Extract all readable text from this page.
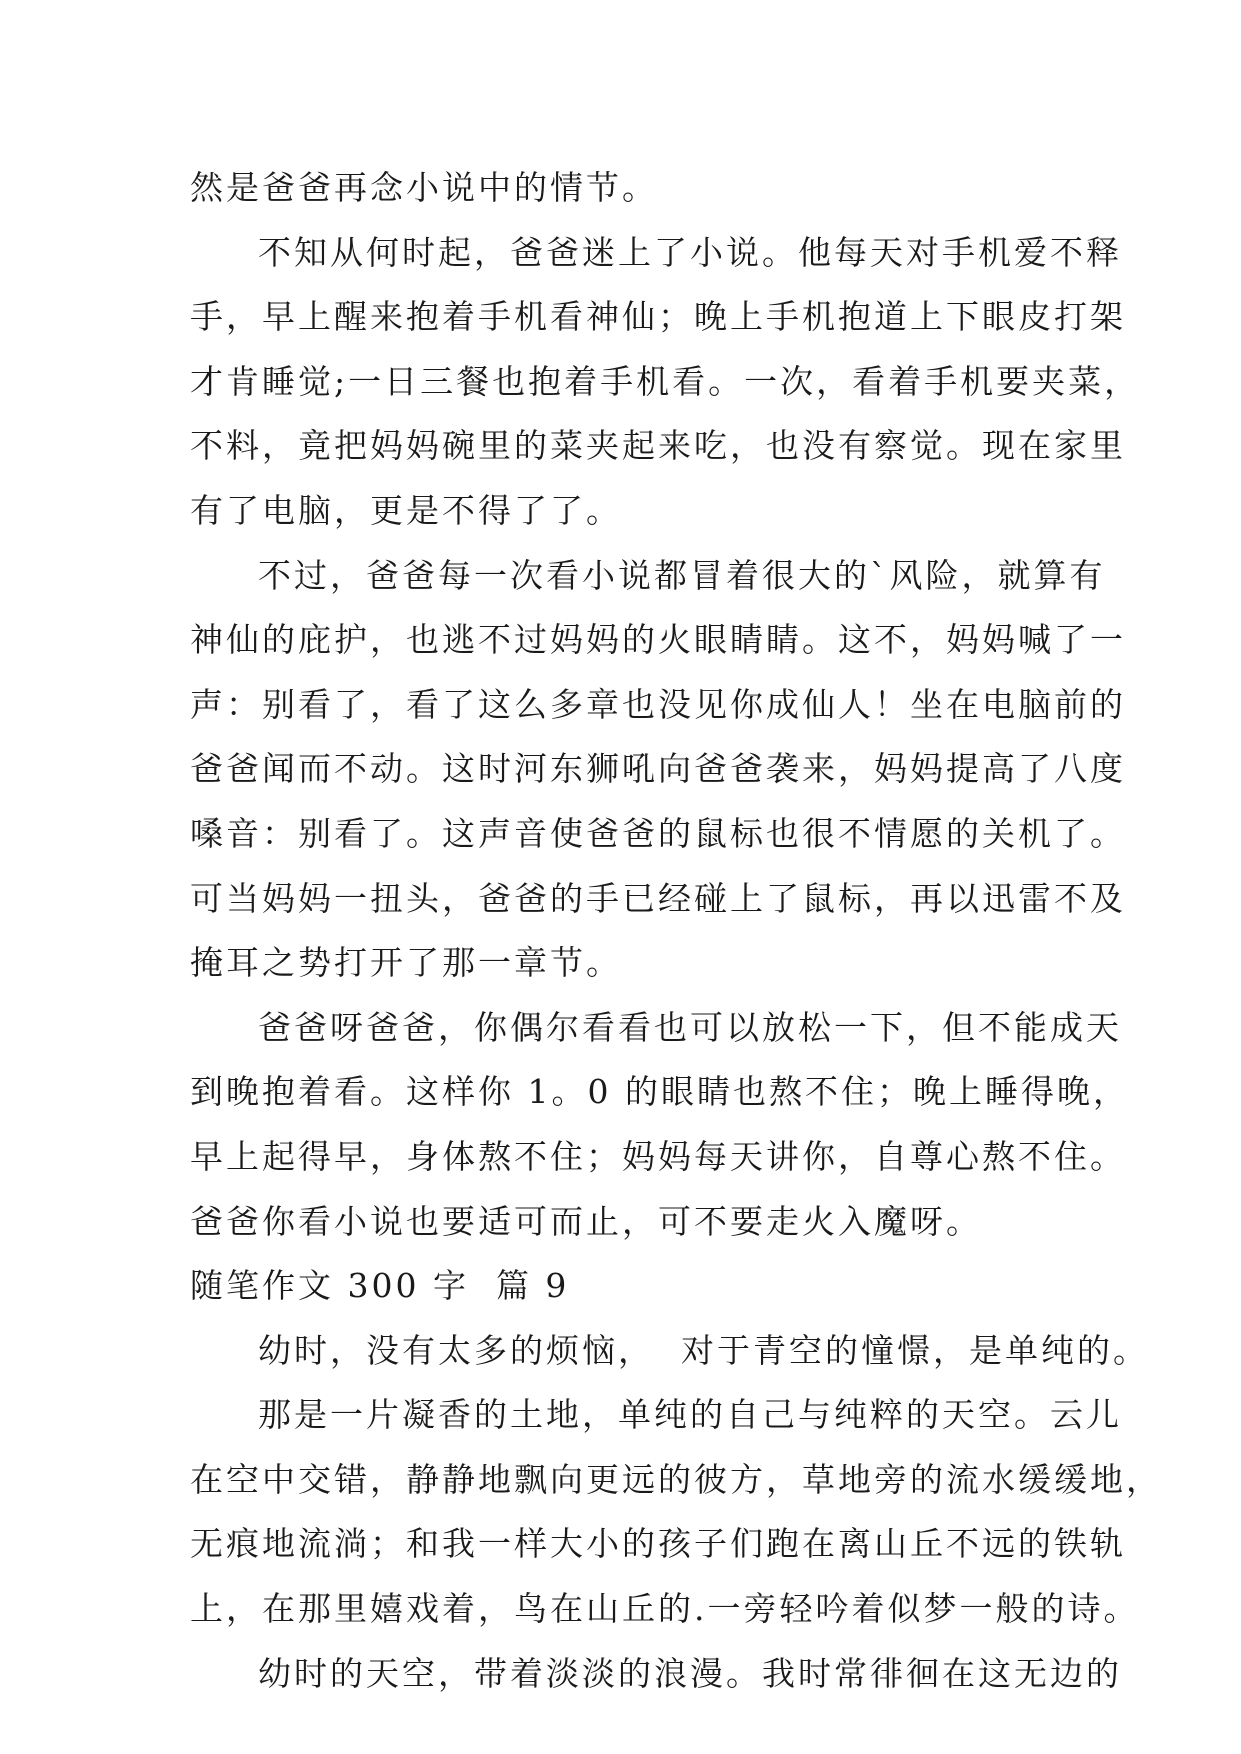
然是爸爸再念小说中的情节。
不知从何时起，爸爸迷上了小说。他每天对手机爱不释
手，早上醒来抱着手机看神仙；晚上手机抱道上下眼皮打架
才肯睡觉;一日三餐也抱着手机看。一次，看着手机要夹菜，
不料，竟把妈妈碗里的菜夹起来吃，也没有察觉。现在家里
有了电脑，更是不得了了。
不过，爸爸每一次看小说都冒着很大的`风险，就算有
神仙的庇护，也逃不过妈妈的火眼睛睛。这不，妈妈喊了一
声：别看了，看了这么多章也没见你成仙人！坐在电脑前的
爸爸闻而不动。这时河东狮吼向爸爸袭来，妈妈提高了八度
嗓音：别看了。这声音使爸爸的鼠标也很不情愿的关机了。
可当妈妈一扭头，爸爸的手已经碰上了鼠标，再以迅雷不及
掩耳之势打开了那一章节。
爸爸呀爸爸，你偶尔看看也可以放松一下，但不能成天
到晚抱着看。这样你 1。0 的眼睛也熬不住；晚上睡得晚，
早上起得早，身体熬不住；妈妈每天讲你，自尊心熬不住。
爸爸你看小说也要适可而止，可不要走火入魔呀。
随笔作文 300 字  篇 9
幼时，没有太多的烦恼，  对于青空的憧憬，是单纯的。
那是一片凝香的土地，单纯的自己与纯粹的天空。云儿
在空中交错，静静地飘向更远的彼方，草地旁的流水缓缓地，
无痕地流淌；和我一样大小的孩子们跑在离山丘不远的铁轨
上，在那里嬉戏着，鸟在山丘的.一旁轻吟着似梦一般的诗。
幼时的天空，带着淡淡的浪漫。我时常徘徊在这无边的
